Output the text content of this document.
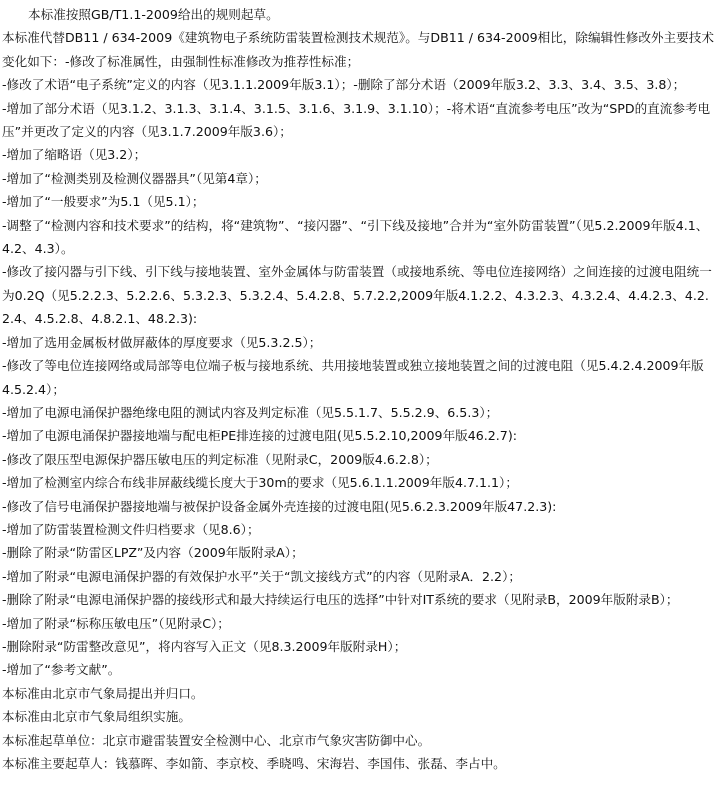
本标准按照GB/T1.1-2009给出的规则起草。

本标准代替DB11 / 634-2009《建筑物电子系统防雷装置检测技术规范》。与DB11 / 634-2009相比，除编辑性修改外主要技术变化如下：-修改了标准属性，由强制性标准修改为推荐性标准；

-修改了术语“电子系统”定义的内容（见3.1.1.2009年版3.1）；-删除了部分术语（2009年版3.2、3.3、3.4、3.5、3.8）；

-增加了部分术语（见3.1.2、3.1.3、3.1.4、3.1.5、3.1.6、3.1.9、3.1.10）；-将术语“直流参考电压”改为“SPD的直流参考电压”并更改了定义的内容（见3.1.7.2009年版3.6）；

-增加了缩略语（见3.2）；

-增加了“检测类别及检测仪器器具”（见第4章）；

-增加了“一般要求”为5.1（见5.1）；

-调整了“检测内容和技术要求”的结构，将“建筑物”、“接闪器”、“引下线及接地”合并为“室外防雷装置”（见5.2.2009年版4.1、4.2、4.3）。

-修改了接闪器与引下线、引下线与接地装置、室外金属体与防雷装置（或接地系统、等电位连接网络）之间连接的过渡电阻统一为0.2Q（见5.2.2.3、5.2.2.6、5.3.2.3、5.3.2.4、5.4.2.8、5.7.2.2,2009年版4.1.2.2、4.3.2.3、4.3.2.4、4.4.2.3、4.2.2.4、4.5.2.8、4.8.2.1、48.2.3):

-增加了选用金属板材做屏蔽体的厚度要求（见5.3.2.5）；

-修改了等电位连接网络或局部等电位端子板与接地系统、共用接地装置或独立接地装置之间的过渡电阻（见5.4.2.4.2009年版4.5.2.4）；

-增加了电源电涌保护器绝缘电阻的测试内容及判定标准（见5.5.1.7、5.5.2.9、6.5.3）；

-增加了电源电涌保护器接地端与配电柜PE排连接的过渡电阻(见5.5.2.10,2009年版46.2.7):

-修改了限压型电源保护器压敏电压的判定标准（见附录C，2009版4.6.2.8）；

-增加了检测室内综合布线非屏蔽线缆长度大于30m的要求（见5.6.1.1.2009年版4.7.1.1）；

-修改了信号电涌保护器接地端与被保护设备金属外壳连接的过渡电阻(见5.6.2.3.2009年版47.2.3):

-增加了防雷装置检测文件归档要求（见8.6）；

-删除了附录“防雷区LPZ”及内容（2009年版附录A）；

-增加了附录“电源电涌保护器的有效保护水平”关于“凯文接线方式”的内容（见附录A．2.2）；

-删除了附录“电源电涌保护器的接线形式和最大持续运行电压的选择”中针对IT系统的要求（见附录B，2009年版附录B）；

-增加了附录“标称压敏电压”（见附录C）；

-删除附录“防雷整改意见”，将内容写入正文（见8.3.2009年版附录H）；

-增加了“参考文献”。

本标准由北京市气象局提出并归口。

本标准由北京市气象局组织实施。

本标准起草单位：北京市避雷装置安全检测中心、北京市气象灾害防御中心。

本标准主要起草人：钱慕晖、李如箭、李京校、季晓鸣、宋海岩、李国伟、张磊、李占中。
